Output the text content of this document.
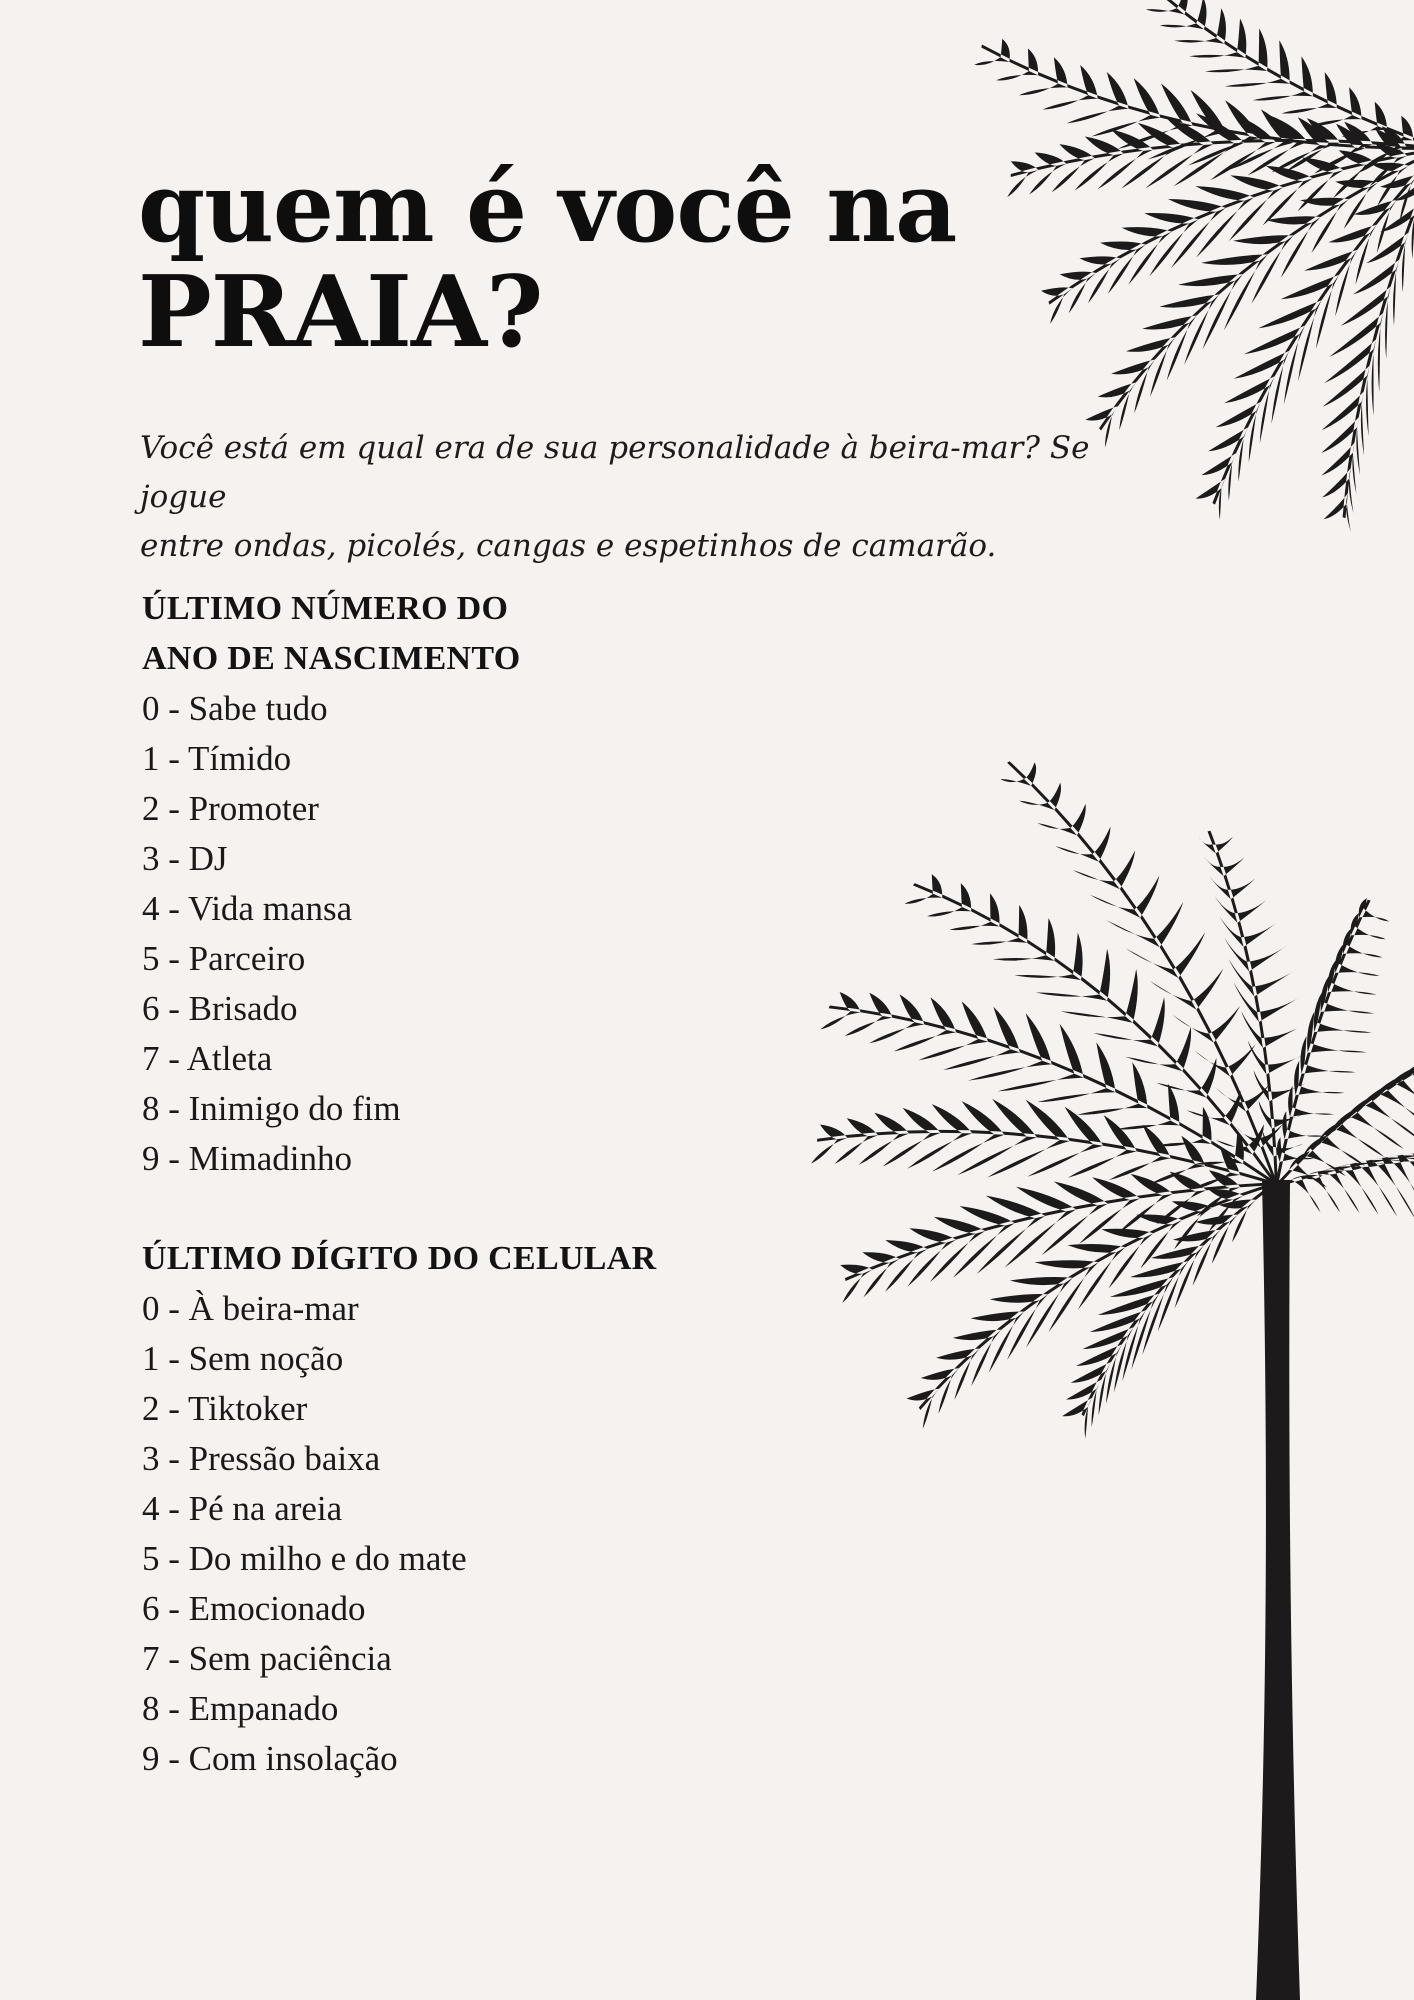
quem é você na
PRAIA?

Você está em qual era de sua personalidade à beira-mar? Se jogue
entre ondas, picolés, cangas e espetinhos de camarão.

ÚLTIMO NÚMERO DO
ANO DE NASCIMENTO
0 - Sabe tudo
1 - Tímido
2 - Promoter
3 - DJ
4 - Vida mansa
5 - Parceiro
6 - Brisado
7 - Atleta
8 - Inimigo do fim
9 - Mimadinho
ÚLTIMO DÍGITO DO CELULAR
0 - À beira-mar
1 - Sem noção
2 - Tiktoker
3 - Pressão baixa
4 - Pé na areia
5 - Do milho e do mate
6 - Emocionado
7 - Sem paciência
8 - Empanado
9 - Com insolação
